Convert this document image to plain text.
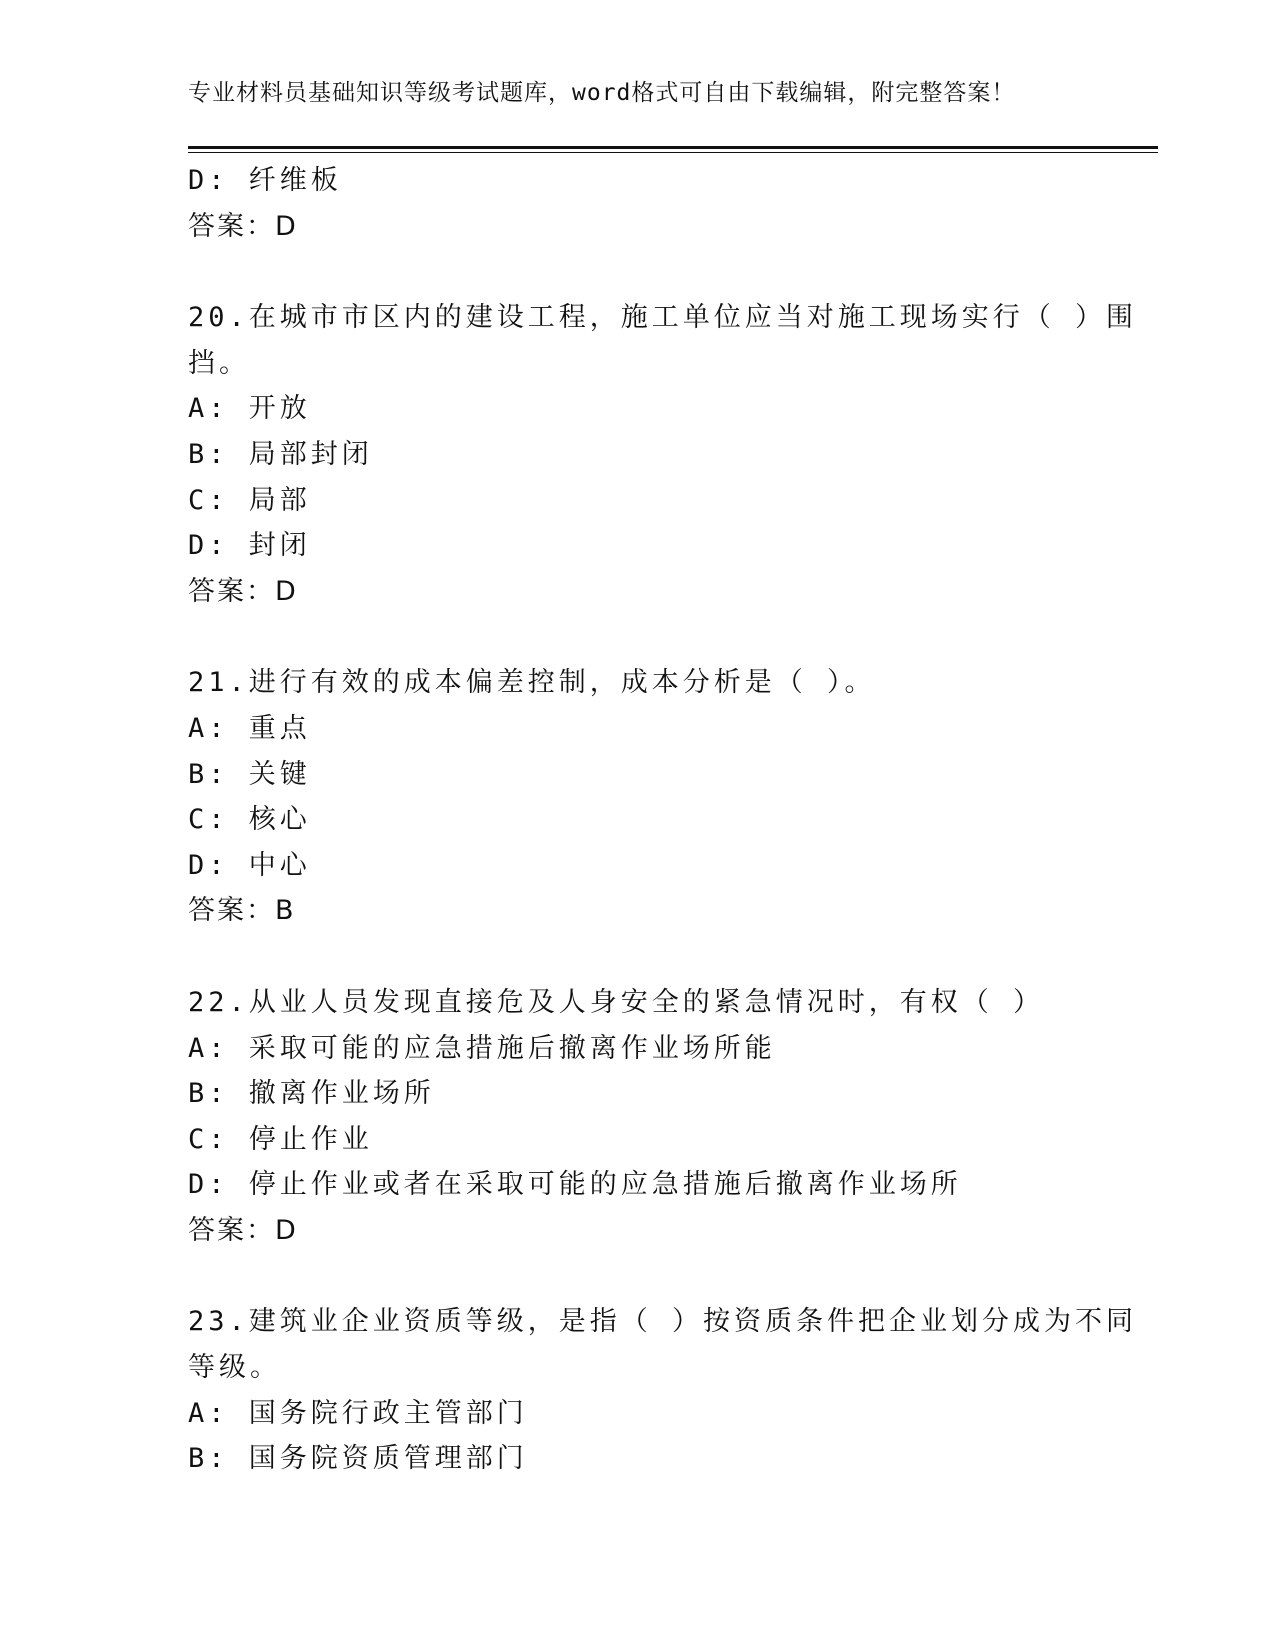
专业材料员基础知识等级考试题库，word格式可自由下载编辑，附完整答案！
D: 纤维板
答案：D
20.在城市市区内的建设工程，施工单位应当对施工现场实行（ ）围
挡。
A: 开放
B: 局部封闭
C: 局部
D: 封闭
答案：D
21.进行有效的成本偏差控制，成本分析是（ ）。
A: 重点
B: 关键
C: 核心
D: 中心
答案：B
22.从业人员发现直接危及人身安全的紧急情况时，有权（ ）
A: 采取可能的应急措施后撤离作业场所能
B: 撤离作业场所
C: 停止作业
D: 停止作业或者在采取可能的应急措施后撤离作业场所
答案：D
23.建筑业企业资质等级，是指（ ）按资质条件把企业划分成为不同
等级。
A: 国务院行政主管部门
B: 国务院资质管理部门
